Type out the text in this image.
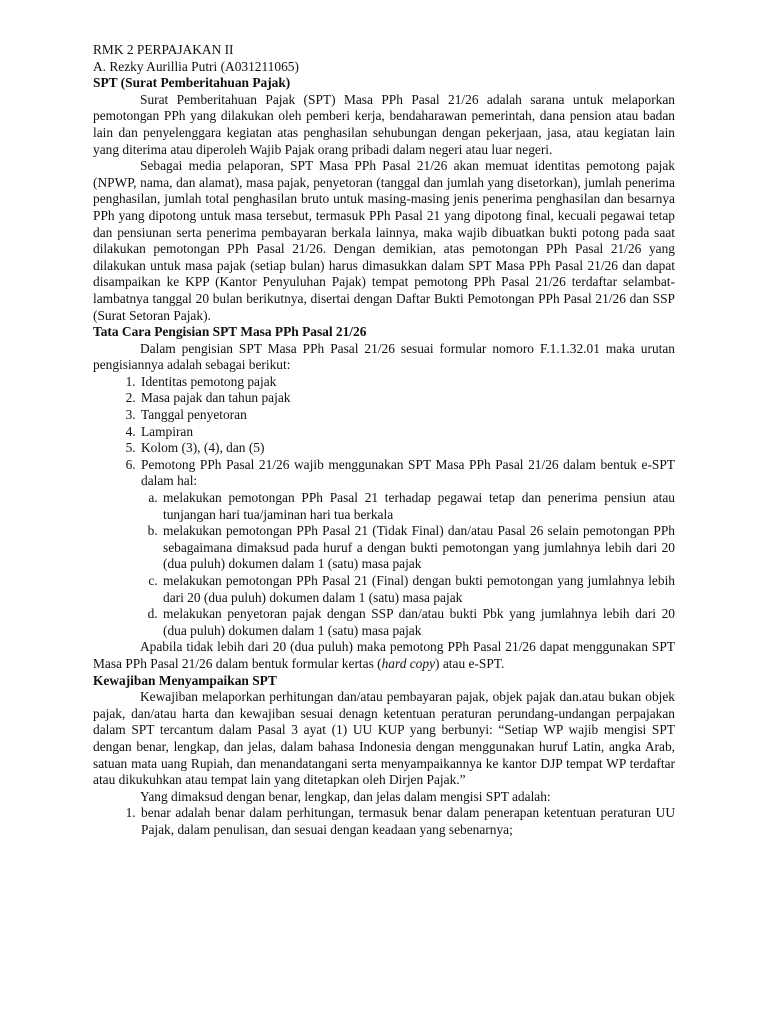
RMK 2 PERPAJAKAN II

A. Rezky Aurillia Putri (A031211065)

SPT (Surat Pemberitahuan Pajak)

Surat Pemberitahuan Pajak (SPT) Masa PPh Pasal 21/26 adalah sarana untuk melaporkan pemotongan PPh yang dilakukan oleh pemberi kerja, bendaharawan pemerintah, dana pension atau badan lain dan penyelenggara kegiatan atas penghasilan sehubungan dengan pekerjaan, jasa, atau kegiatan lain yang diterima atau diperoleh Wajib Pajak orang pribadi dalam negeri atau luar negeri.

Sebagai media pelaporan, SPT Masa PPh Pasal 21/26 akan memuat identitas pemotong pajak (NPWP, nama, dan alamat), masa pajak, penyetoran (tanggal dan jumlah yang disetorkan), jumlah penerima penghasilan, jumlah total penghasilan bruto untuk masing-masing jenis penerima penghasilan dan besarnya PPh yang dipotong untuk masa tersebut, termasuk PPh Pasal 21 yang dipotong final, kecuali pegawai tetap dan pensiunan serta penerima pembayaran berkala lainnya, maka wajib dibuatkan bukti potong pada saat dilakukan pemotongan PPh Pasal 21/26. Dengan demikian, atas pemotongan PPh Pasal 21/26 yang dilakukan untuk masa pajak (setiap bulan) harus dimasukkan dalam SPT Masa PPh Pasal 21/26 dan dapat disampaikan ke KPP (Kantor Penyuluhan Pajak) tempat pemotong PPh Pasal 21/26 terdaftar selambat-lambatnya tanggal 20 bulan berikutnya, disertai dengan Daftar Bukti Pemotongan PPh Pasal 21/26 dan SSP (Surat Setoran Pajak).

Tata Cara Pengisian SPT Masa PPh Pasal 21/26

Dalam pengisian SPT Masa PPh Pasal 21/26 sesuai formular nomoro F.1.1.32.01 maka urutan pengisiannya adalah sebagai berikut:

1. Identitas pemotong pajak
2. Masa pajak dan tahun pajak
3. Tanggal penyetoran
4. Lampiran
5. Kolom (3), (4), dan (5)
6. Pemotong PPh Pasal 21/26 wajib menggunakan SPT Masa PPh Pasal 21/26 dalam bentuk e-SPT dalam hal:
a. melakukan pemotongan PPh Pasal 21 terhadap pegawai tetap dan penerima pensiun atau tunjangan hari tua/jaminan hari tua berkala
b. melakukan pemotongan PPh Pasal 21 (Tidak Final) dan/atau Pasal 26 selain pemotongan PPh sebagaimana dimaksud pada huruf a dengan bukti pemotongan yang jumlahnya lebih dari 20 (dua puluh) dokumen dalam 1 (satu) masa pajak
c. melakukan pemotongan PPh Pasal 21 (Final) dengan bukti pemotongan yang jumlahnya lebih dari 20 (dua puluh) dokumen dalam 1 (satu) masa pajak
d. melakukan penyetoran pajak dengan SSP dan/atau bukti Pbk yang jumlahnya lebih dari 20 (dua puluh) dokumen dalam 1 (satu) masa pajak

Apabila tidak lebih dari 20 (dua puluh) maka pemotong PPh Pasal 21/26 dapat menggunakan SPT Masa PPh Pasal 21/26 dalam bentuk formular kertas (hard copy) atau e-SPT.

Kewajiban Menyampaikan SPT

Kewajiban melaporkan perhitungan dan/atau pembayaran pajak, objek pajak dan.atau bukan objek pajak, dan/atau harta dan kewajiban sesuai denagn ketentuan peraturan perundang-undangan perpajakan dalam SPT tercantum dalam Pasal 3 ayat (1) UU KUP yang berbunyi: “Setiap WP wajib mengisi SPT dengan benar, lengkap, dan jelas, dalam bahasa Indonesia dengan menggunakan huruf Latin, angka Arab, satuan mata uang Rupiah, dan menandatangani serta menyampaikannya ke kantor DJP tempat WP terdaftar atau dikukuhkan atau tempat lain yang ditetapkan oleh Dirjen Pajak.”

Yang dimaksud dengan benar, lengkap, dan jelas dalam mengisi SPT adalah:

1. benar adalah benar dalam perhitungan, termasuk benar dalam penerapan ketentuan peraturan UU Pajak, dalam penulisan, dan sesuai dengan keadaan yang sebenarnya;
